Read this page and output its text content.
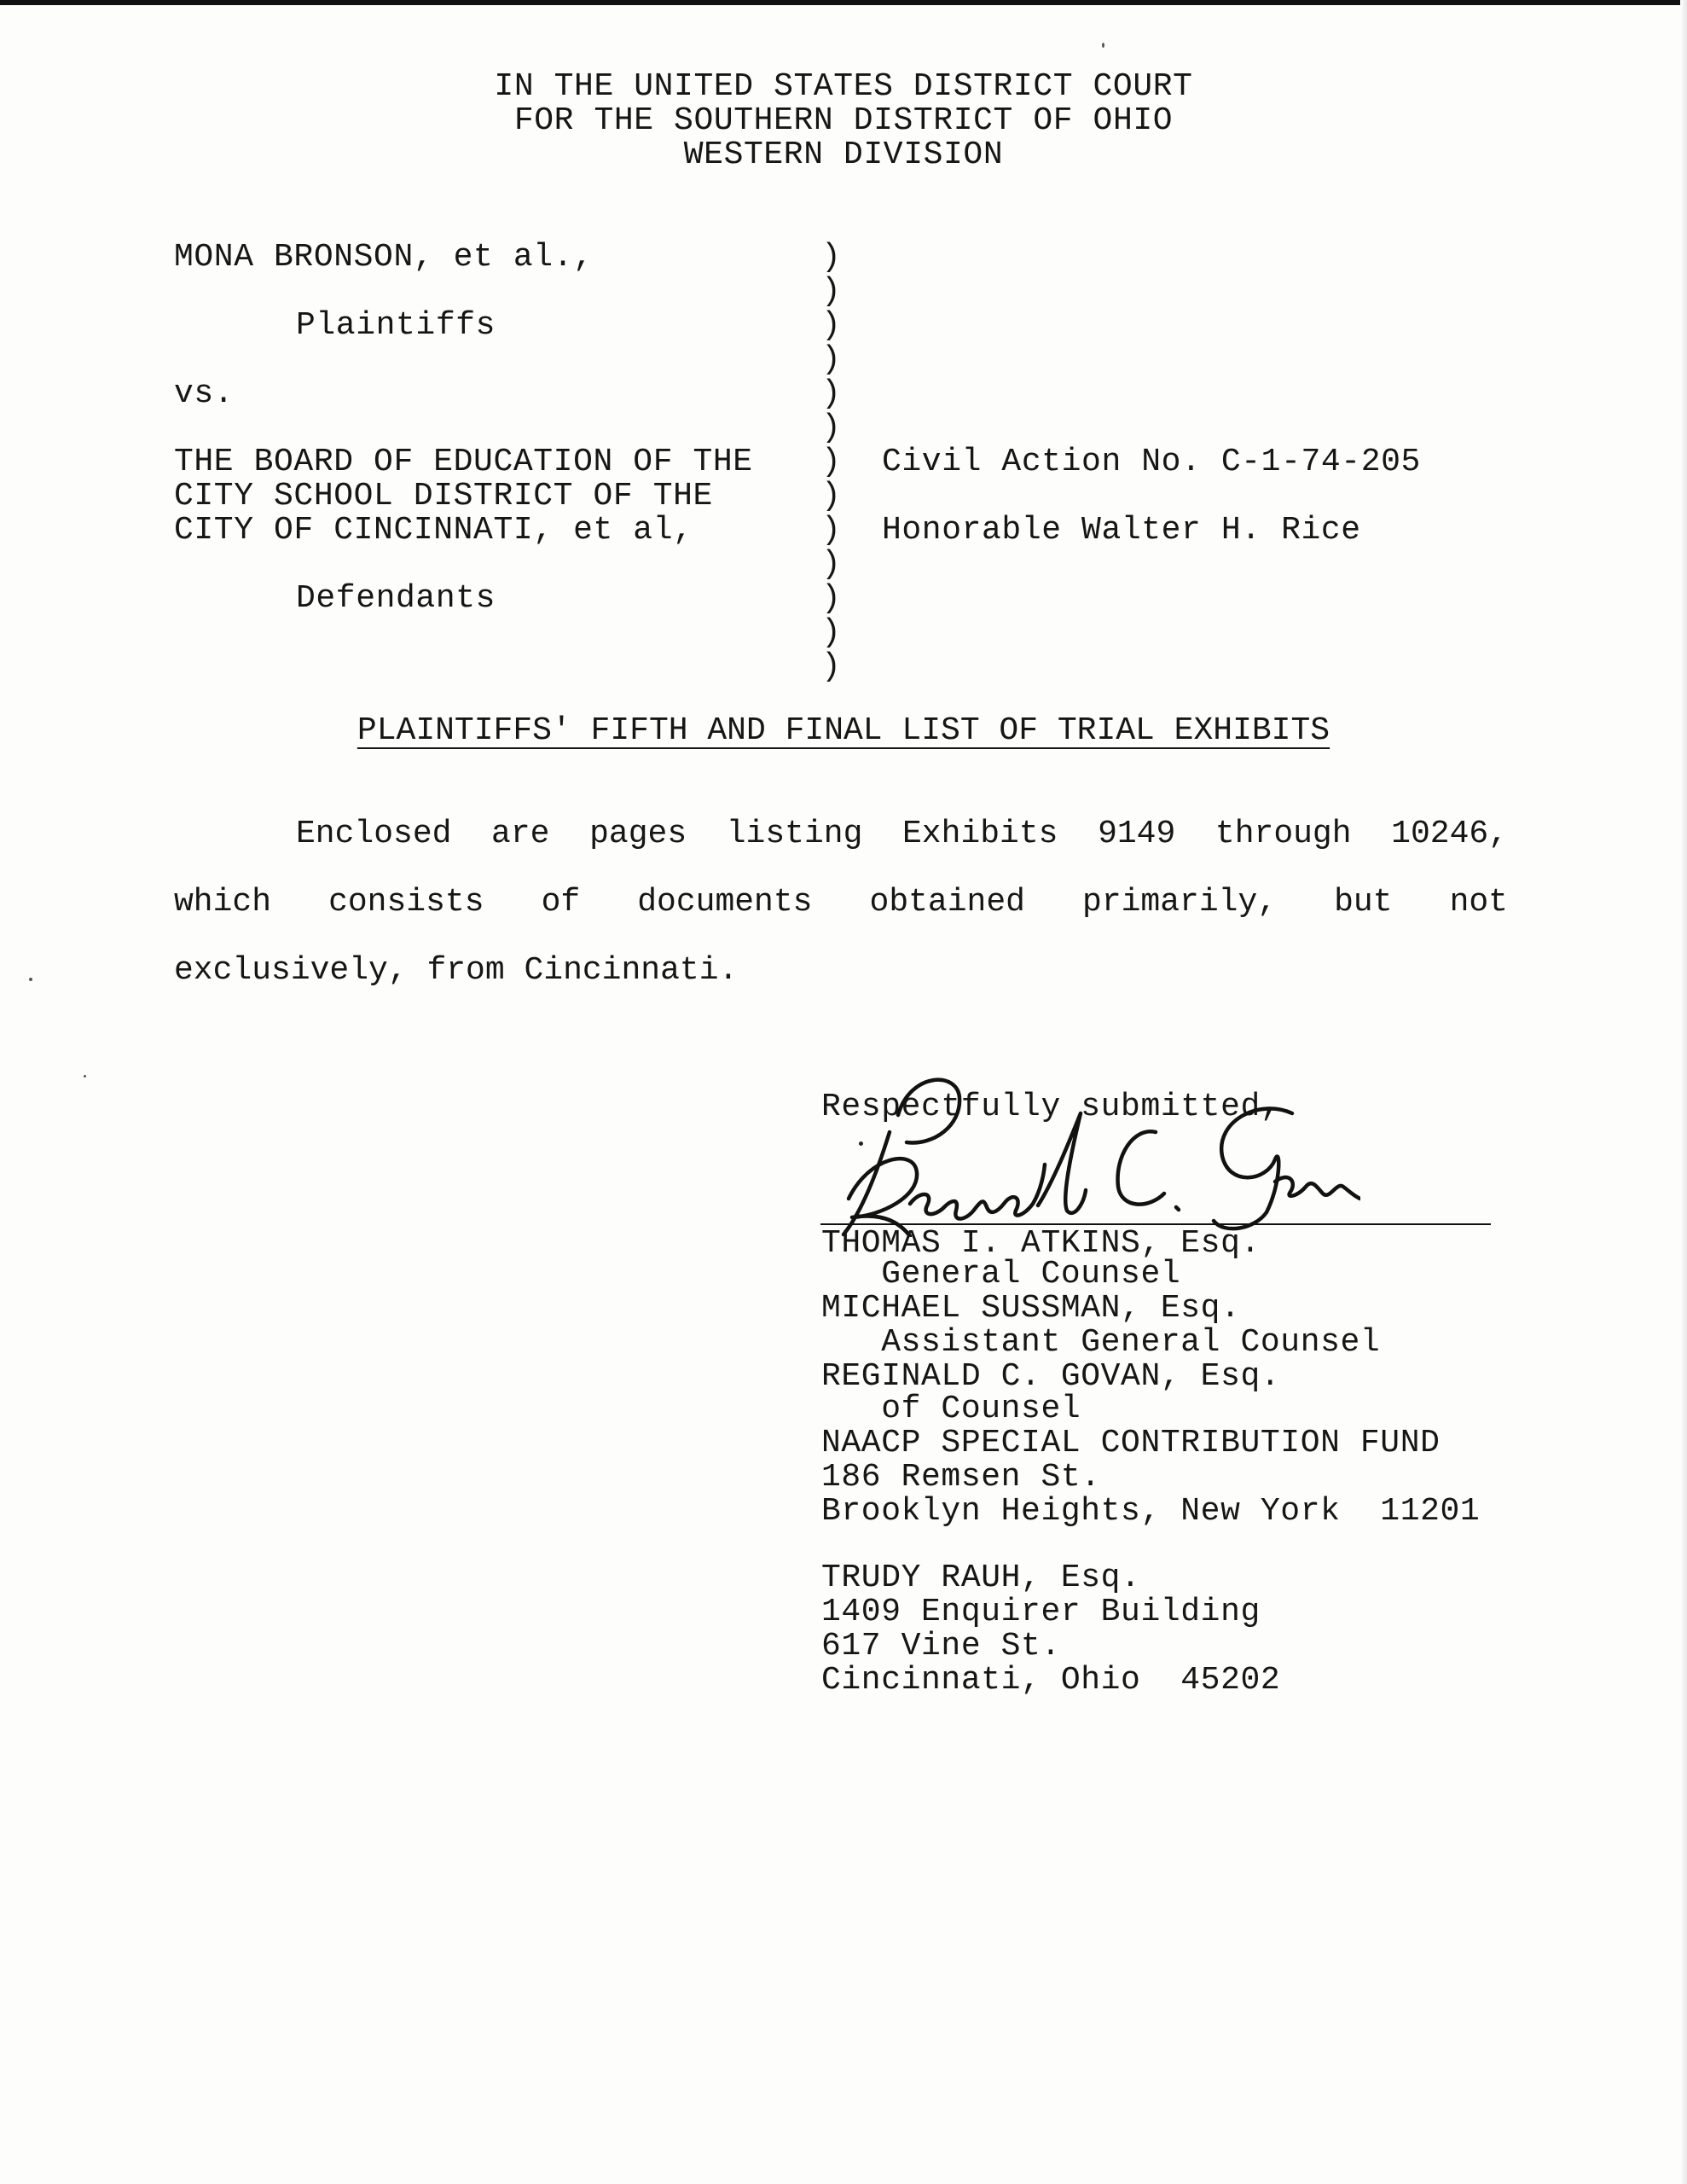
IN THE UNITED STATES DISTRICT COURT
FOR THE SOUTHERN DISTRICT OF OHIO
WESTERN DIVISION
MONA BRONSON, et al.,
Plaintiffs
vs.
THE BOARD OF EDUCATION OF THE
CITY SCHOOL DISTRICT OF THE
CITY OF CINCINNATI, et al,
Defendants
)
)
)
)
)
)
)
)
)
)
)
)
)
Civil Action No. C-1-74-205
Honorable Walter H. Rice
PLAINTIFFS' FIFTH AND FINAL LIST OF TRIAL EXHIBITS
Enclosed are pages listing Exhibits 9149 through 10246,
which consists of documents obtained primarily, but not
exclusively, from Cincinnati.
Respectfully submitted,
THOMAS I. ATKINS, Esq.
General Counsel
MICHAEL SUSSMAN, Esq.
Assistant General Counsel
REGINALD C. GOVAN, Esq.
of Counsel
NAACP SPECIAL CONTRIBUTION FUND
186 Remsen St.
Brooklyn Heights, New York  11201
TRUDY RAUH, Esq.
1409 Enquirer Building
617 Vine St.
Cincinnati, Ohio  45202
